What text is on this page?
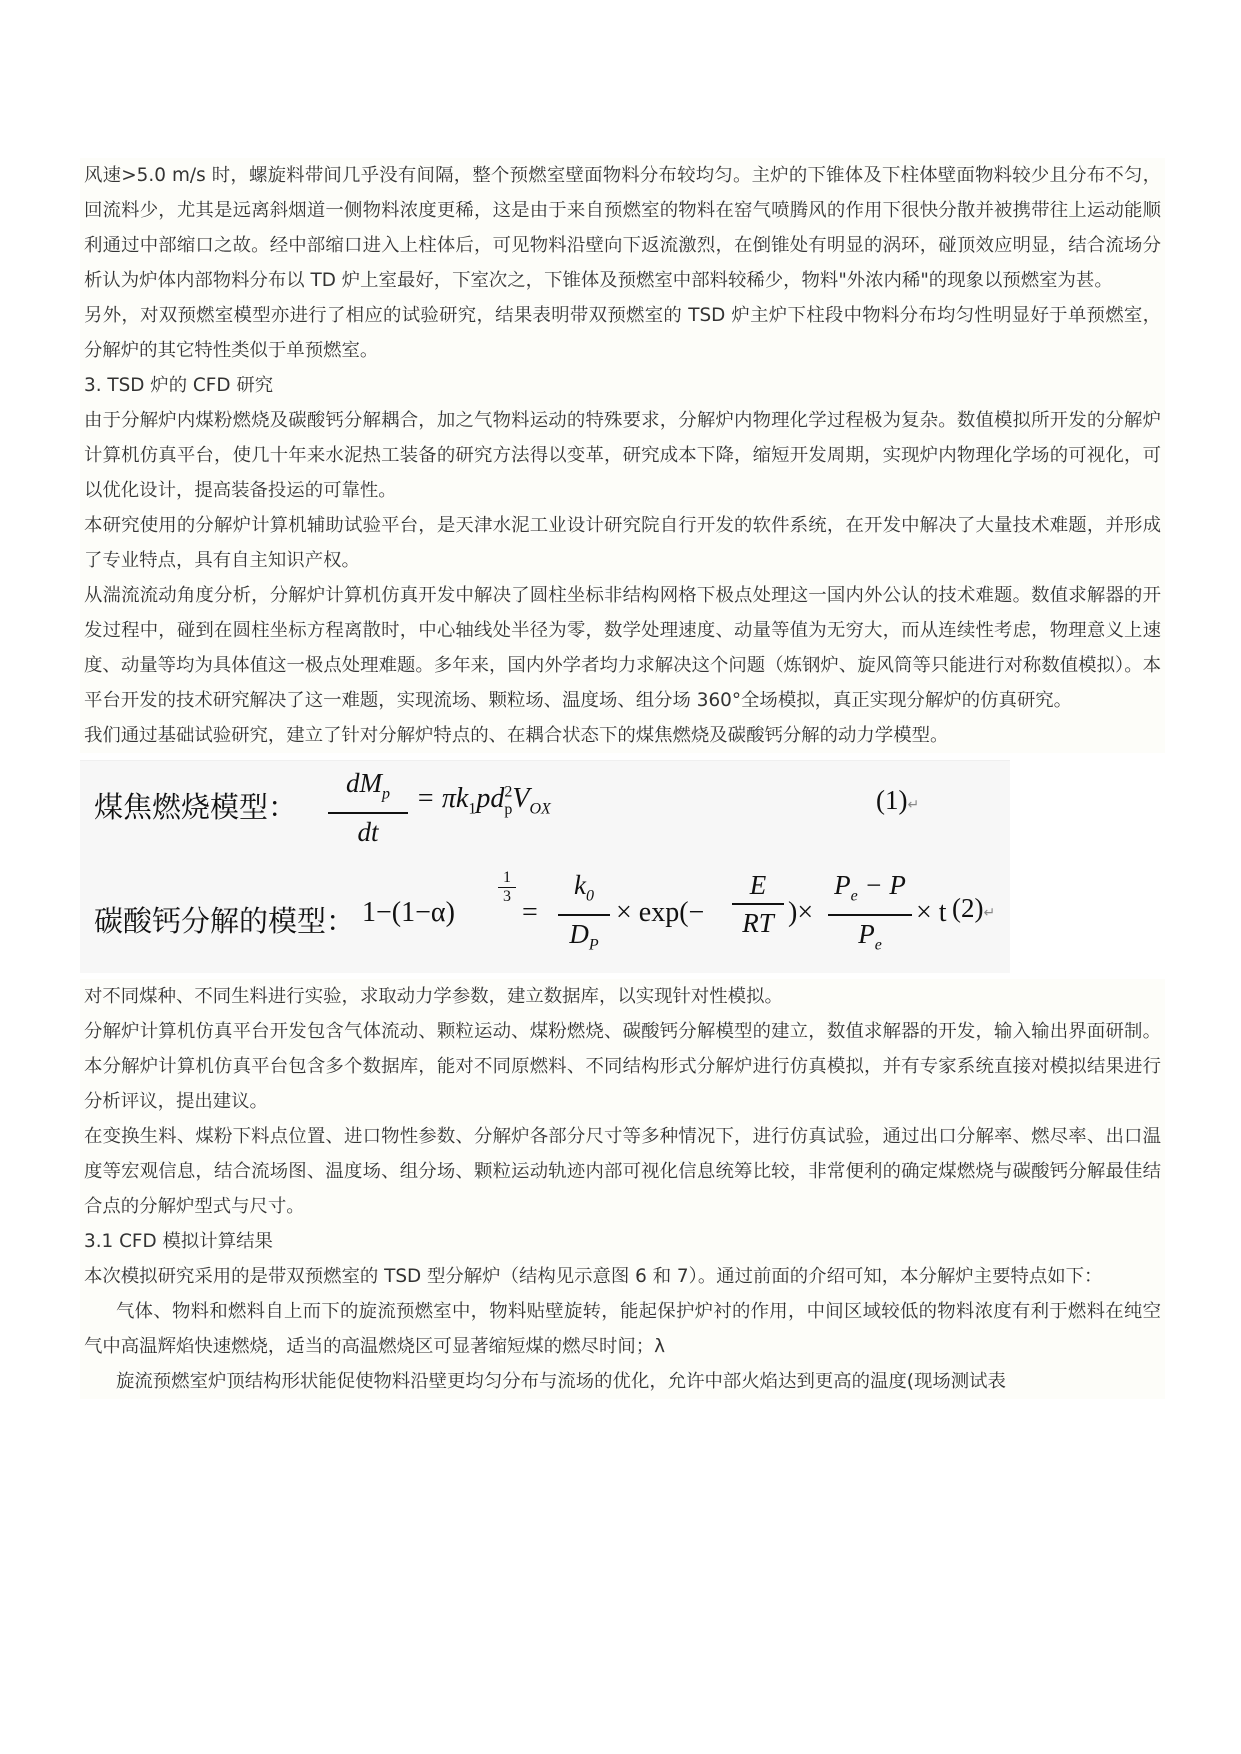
风速>5.0 m/s 时，螺旋料带间几乎没有间隔，整个预燃室壁面物料分布较均匀。主炉的下锥体及下柱体壁面物料较少且分布不匀，回流料少，尤其是远离斜烟道一侧物料浓度更稀，这是由于来自预燃室的物料在窑气喷腾风的作用下很快分散并被携带往上运动能顺利通过中部缩口之故。经中部缩口进入上柱体后，可见物料沿壁向下返流激烈，在倒锥处有明显的涡环，碰顶效应明显，结合流场分析认为炉体内部物料分布以 TD 炉上室最好，下室次之，下锥体及预燃室中部料较稀少，物料"外浓内稀"的现象以预燃室为甚。

另外，对双预燃室模型亦进行了相应的试验研究，结果表明带双预燃室的 TSD 炉主炉下柱段中物料分布均匀性明显好于单预燃室，分解炉的其它特性类似于单预燃室。

3. TSD 炉的 CFD 研究

由于分解炉内煤粉燃烧及碳酸钙分解耦合，加之气物料运动的特殊要求，分解炉内物理化学过程极为复杂。数值模拟所开发的分解炉计算机仿真平台，使几十年来水泥热工装备的研究方法得以变革，研究成本下降，缩短开发周期，实现炉内物理化学场的可视化，可以优化设计，提高装备投运的可靠性。

本研究使用的分解炉计算机辅助试验平台，是天津水泥工业设计研究院自行开发的软件系统，在开发中解决了大量技术难题，并形成了专业特点，具有自主知识产权。

从湍流流动角度分析，分解炉计算机仿真开发中解决了圆柱坐标非结构网格下极点处理这一国内外公认的技术难题。数值求解器的开发过程中，碰到在圆柱坐标方程离散时，中心轴线处半径为零，数学处理速度、动量等值为无穷大，而从连续性考虑，物理意义上速度、动量等均为具体值这一极点处理难题。多年来，国内外学者均力求解决这个问题（炼钢炉、旋风筒等只能进行对称数值模拟）。本平台开发的技术研究解决了这一难题，实现流场、颗粒场、温度场、组分场 360°全场模拟，真正实现分解炉的仿真研究。

我们通过基础试验研究，建立了针对分解炉特点的、在耦合状态下的煤焦燃烧及碳酸钙分解的动力学模型。

煤焦燃烧模型：
$dM_p$
dt
= $\pi k_1pd^2_pV_{OX}$	(1)↵
碳酸钙分解的模型： 1−(1−α)
1
3
=
$k_0$
$D_P$
× exp(−
E
RT )×
$P_e - P$
$P_e$
× t (2)↵

对不同煤种、不同生料进行实验，求取动力学参数，建立数据库，以实现针对性模拟。

分解炉计算机仿真平台开发包含气体流动、颗粒运动、煤粉燃烧、碳酸钙分解模型的建立，数值求解器的开发，输入输出界面研制。本分解炉计算机仿真平台包含多个数据库，能对不同原燃料、不同结构形式分解炉进行仿真模拟，并有专家系统直接对模拟结果进行分析评议，提出建议。

在变换生料、煤粉下料点位置、进口物性参数、分解炉各部分尺寸等多种情况下，进行仿真试验，通过出口分解率、燃尽率、出口温度等宏观信息，结合流场图、温度场、组分场、颗粒运动轨迹内部可视化信息统筹比较，非常便利的确定煤燃烧与碳酸钙分解最佳结合点的分解炉型式与尺寸。

3.1 CFD 模拟计算结果

本次模拟研究采用的是带双预燃室的 TSD 型分解炉（结构见示意图 6 和 7）。通过前面的介绍可知，本分解炉主要特点如下：

气体、物料和燃料自上而下的旋流预燃室中，物料贴壁旋转，能起保护炉衬的作用，中间区域较低的物料浓度有利于燃料在纯空气中高温辉焰快速燃烧，适当的高温燃烧区可显著缩短煤的燃尽时间；λ

旋流预燃室炉顶结构形状能促使物料沿壁更均匀分布与流场的优化，允许中部火焰达到更高的温度(现场测试表
